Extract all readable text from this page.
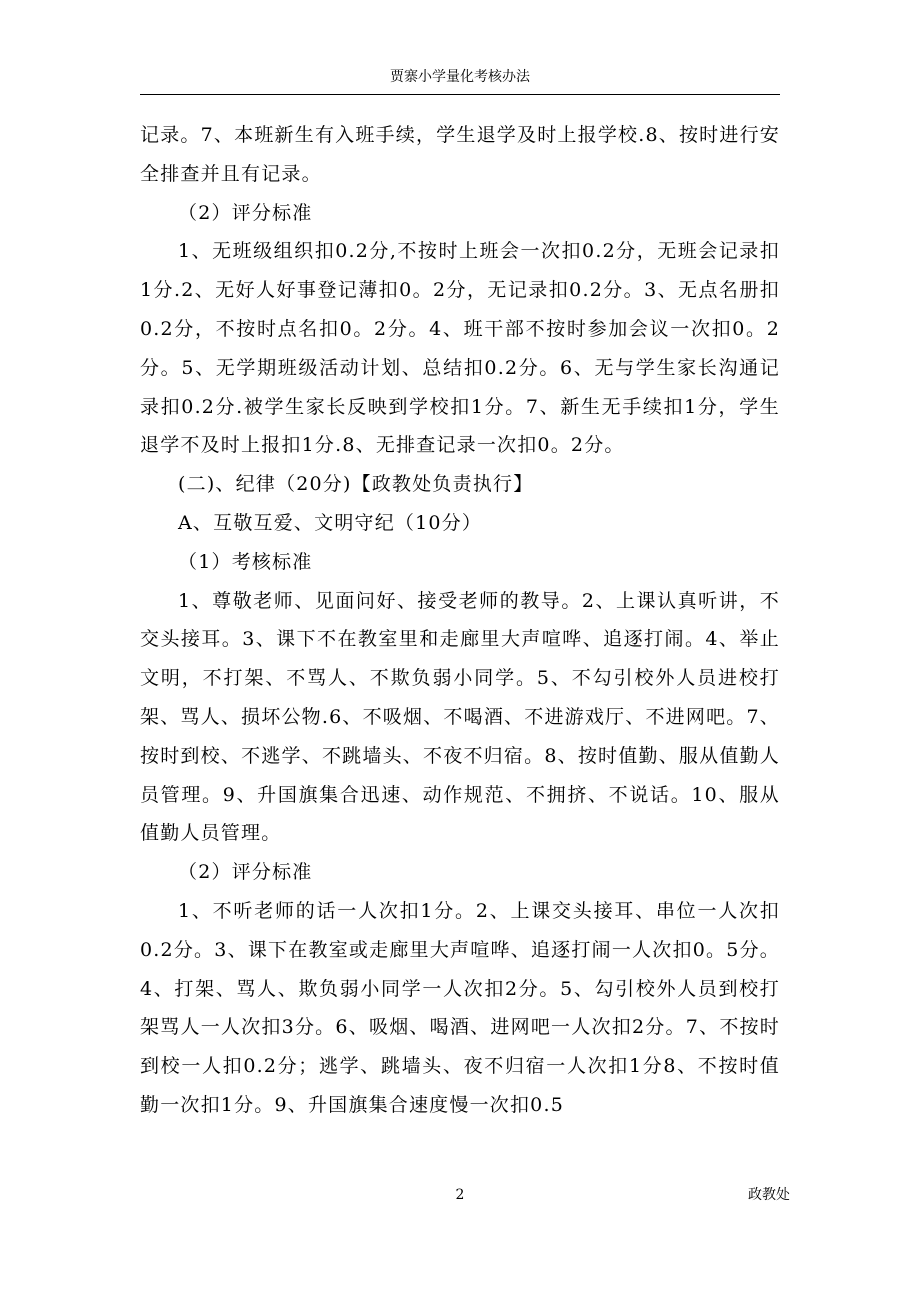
贾寨小学量化考核办法

记录。7、本班新生有入班手续，学生退学及时上报学校.8、按时进行安全排查并且有记录。

（2）评分标准

1、无班级组织扣0.2分,不按时上班会一次扣0.2分，无班会记录扣1分.2、无好人好事登记薄扣0。2分，无记录扣0.2分。3、无点名册扣0.2分，不按时点名扣0。2分。4、班干部不按时参加会议一次扣0。2分。5、无学期班级活动计划、总结扣0.2分。6、无与学生家长沟通记录扣0.2分.被学生家长反映到学校扣1分。7、新生无手续扣1分，学生退学不及时上报扣1分.8、无排查记录一次扣0。2分。

(二)、纪律（20分)【政教处负责执行】

A、互敬互爱、文明守纪（10分）

（1）考核标准

1、尊敬老师、见面问好、接受老师的教导。2、上课认真听讲，不交头接耳。3、课下不在教室里和走廊里大声喧哗、追逐打闹。4、举止文明，不打架、不骂人、不欺负弱小同学。5、不勾引校外人员进校打架、骂人、损坏公物.6、不吸烟、不喝酒、不进游戏厅、不进网吧。7、按时到校、不逃学、不跳墙头、不夜不归宿。8、按时值勤、服从值勤人员管理。9、升国旗集合迅速、动作规范、不拥挤、不说话。10、服从值勤人员管理。

（2）评分标准

1、不听老师的话一人次扣1分。2、上课交头接耳、串位一人次扣0.2分。3、课下在教室或走廊里大声喧哗、追逐打闹一人次扣0。5分。4、打架、骂人、欺负弱小同学一人次扣2分。5、勾引校外人员到校打架骂人一人次扣3分。6、吸烟、喝酒、进网吧一人次扣2分。7、不按时到校一人扣0.2分；逃学、跳墙头、夜不归宿一人次扣1分8、不按时值勤一次扣1分。9、升国旗集合速度慢一次扣0.5

2	政教处
